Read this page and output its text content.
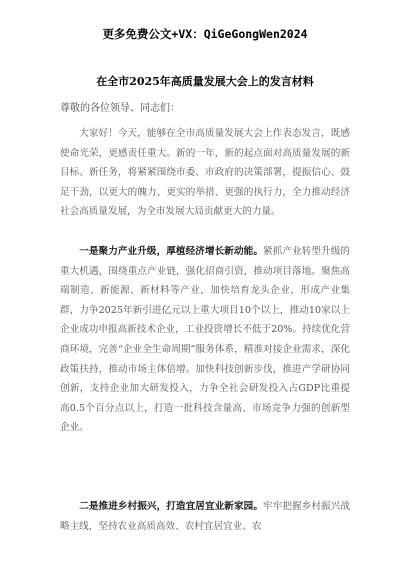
更多免费公文+VX：QiGeGongWen2024
在全市2025年高质量发展大会上的发言材料
尊敬的各位领导、同志们：

大家好！今天，能够在全市高质量发展大会上作表态发言，既感使命光荣，更感责任重大。新的一年，新的起点面对高质量发展的新目标、新任务，将紧紧围绕市委、市政府的决策部署，提振信心、鼓足干劲，以更大的魄力、更实的举措、更强的执行力，全力推动经济社会高质量发展，为全市发展大局贡献更大的力量。

一是聚力产业升级，厚植经济增长新动能。紧抓产业转型升级的重大机遇，围绕重点产业链，强化招商引资，推动项目落地。聚焦高端制造、新能源、新材料等产业，加快培育龙头企业，形成产业集群，力争2025年新引进亿元以上重大项目10个以上，推动10家以上企业成功申报高新技术企业，工业投资增长不低于20%。持续优化营商环境，完善“企业全生命周期”服务体系，精准对接企业需求，深化政策扶持，推动市场主体倍增。加快科技创新步伐，推进产学研协同创新，支持企业加大研发投入，力争全社会研发投入占GDP比重提高0.5个百分点以上，打造一批科技含量高、市场竞争力强的创新型企业。

二是推进乡村振兴，打造宜居宜业新家园。牢牢把握乡村振兴战略主线，坚持农业高质高效、农村宜居宜业、农
